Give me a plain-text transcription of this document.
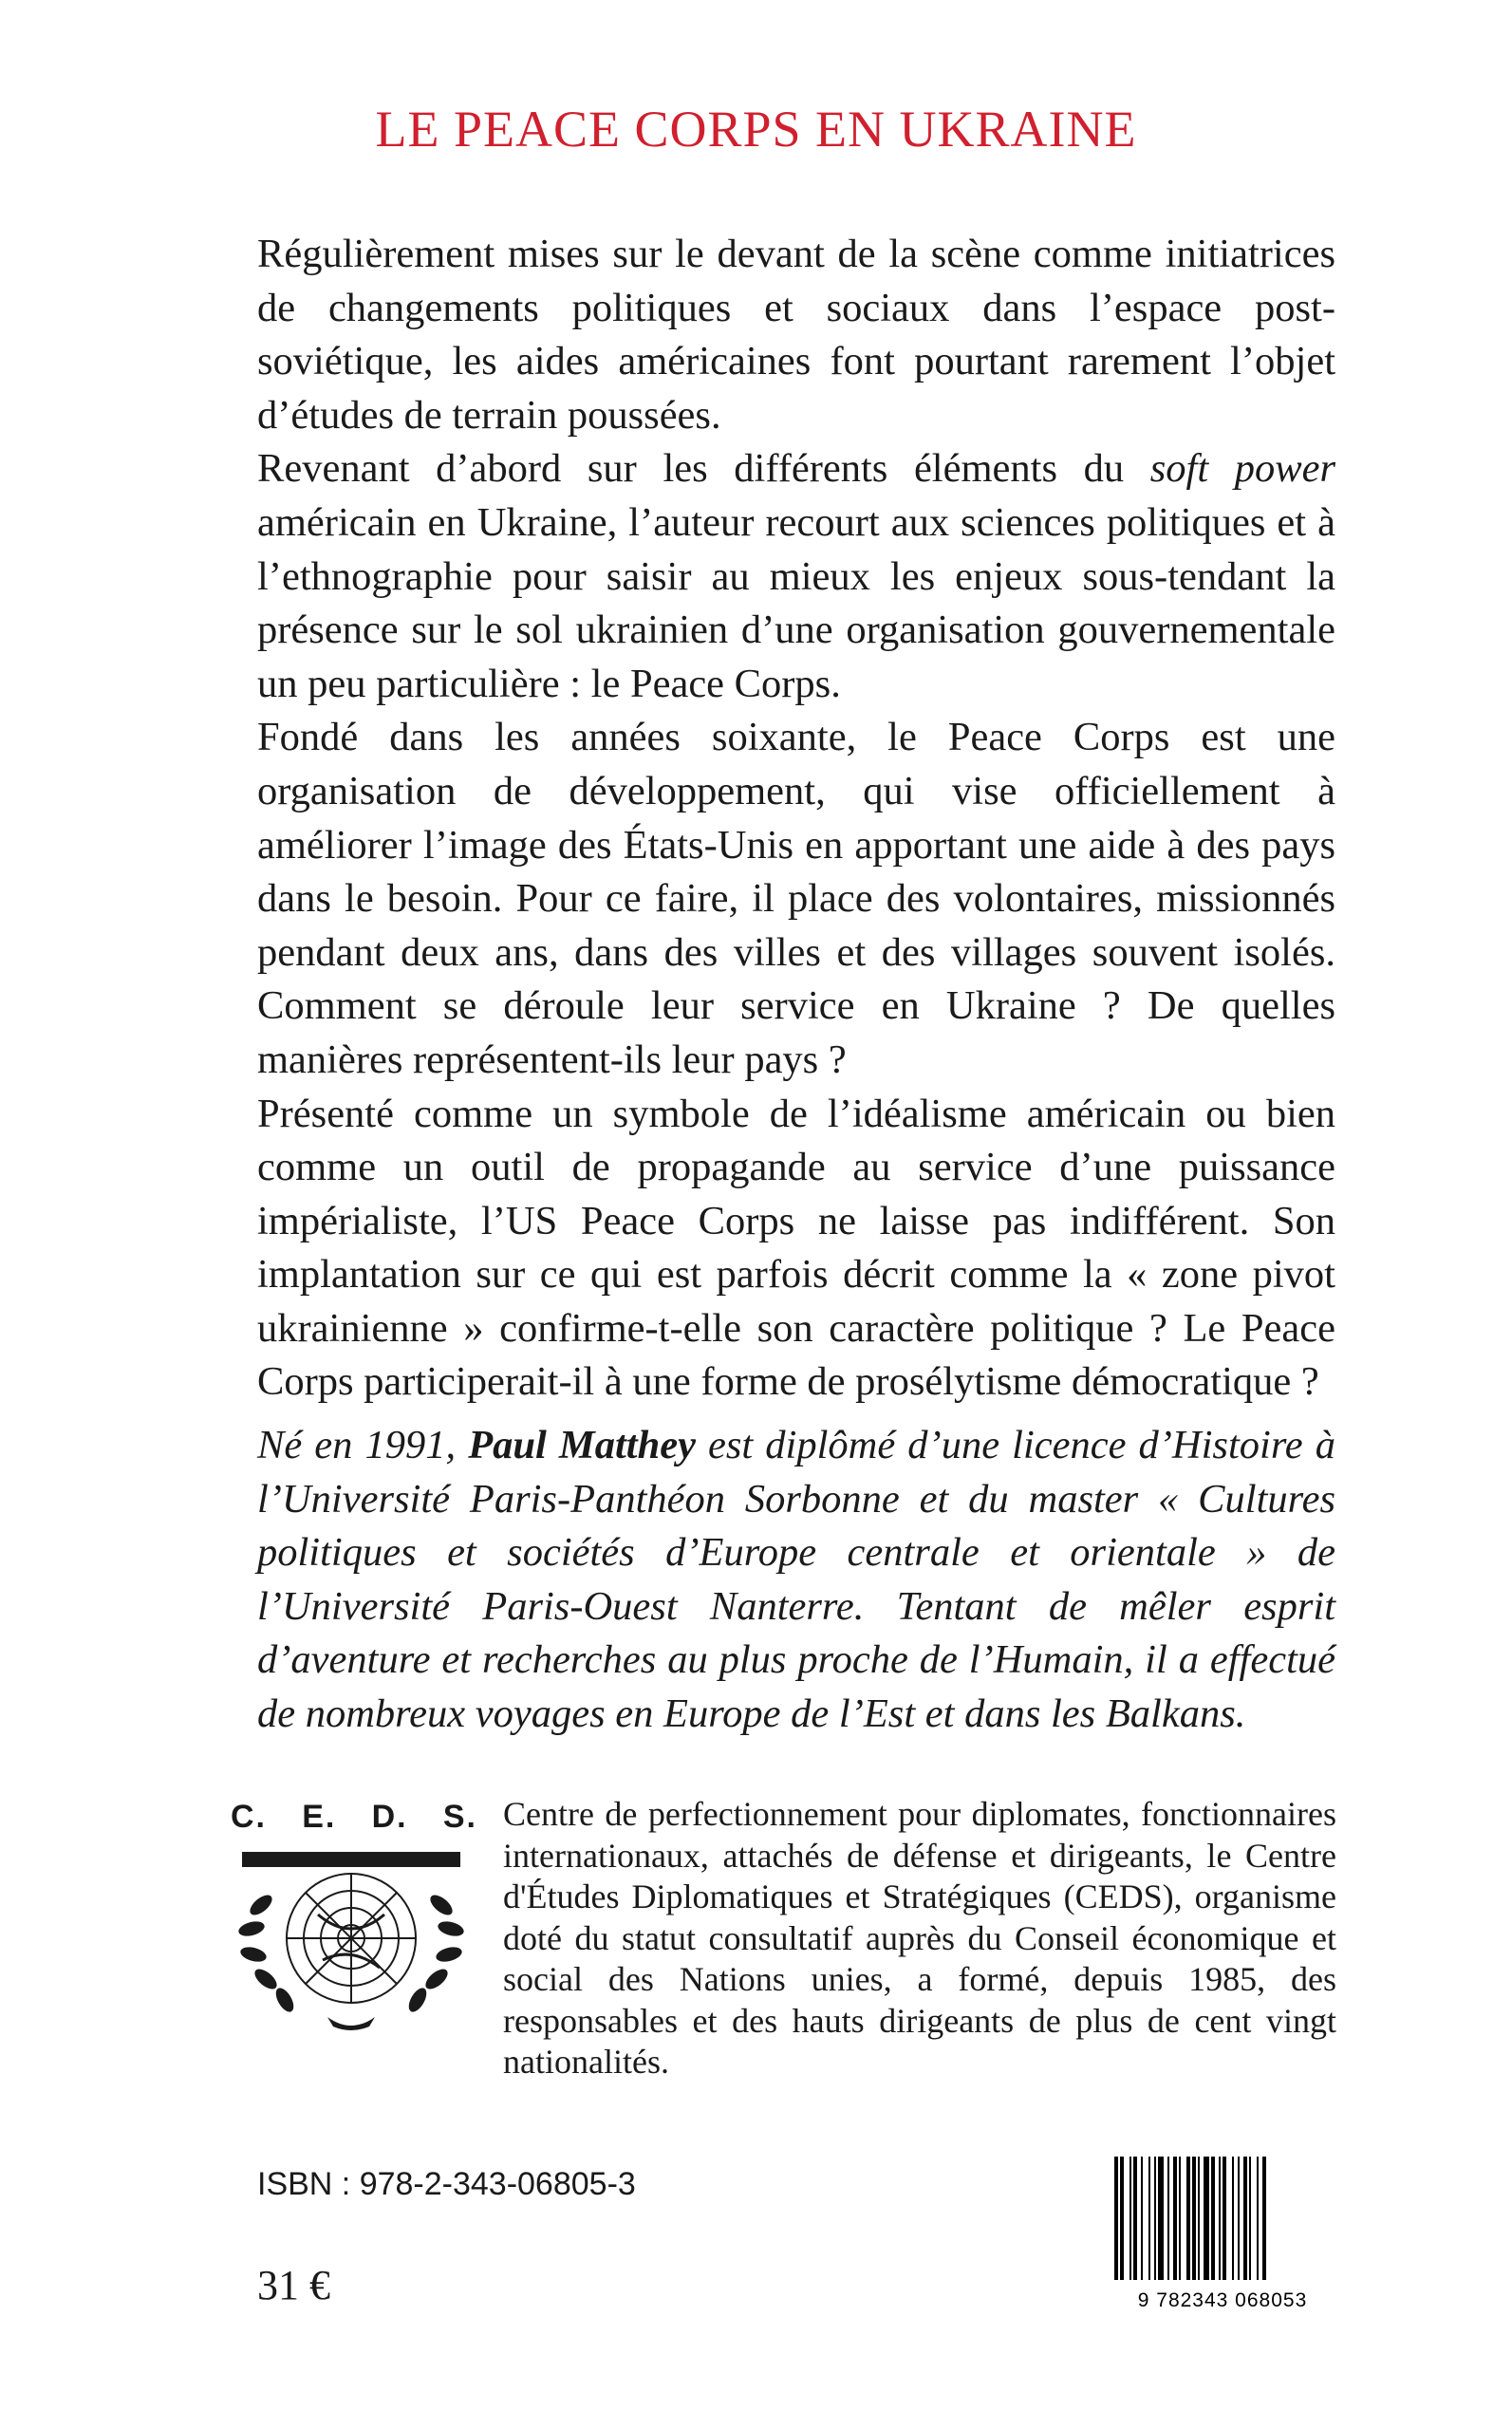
LE PEACE CORPS EN UKRAINE

Régulièrement mises sur le devant de la scène comme initiatrices de changements politiques et sociaux dans l’espace post-soviétique, les aides américaines font pourtant rarement l’objet d’études de terrain poussées.

Revenant d’abord sur les différents éléments du soft power américain en Ukraine, l’auteur recourt aux sciences politiques et à l’ethnographie pour saisir au mieux les enjeux sous-tendant la présence sur le sol ukrainien d’une organisation gouvernementale un peu particulière : le Peace Corps.

Fondé dans les années soixante, le Peace Corps est une organisation de développement, qui vise officiellement à améliorer l’image des États-Unis en apportant une aide à des pays dans le besoin. Pour ce faire, il place des volontaires, missionnés pendant deux ans, dans des villes et des villages souvent isolés. Comment se déroule leur service en Ukraine ? De quelles manières représentent-ils leur pays ?

Présenté comme un symbole de l’idéalisme américain ou bien comme un outil de propagande au service d’une puissance impérialiste, l’US Peace Corps ne laisse pas indifférent. Son implantation sur ce qui est parfois décrit comme la « zone pivot ukrainienne » confirme-t-elle son caractère politique ? Le Peace Corps participerait-il à une forme de prosélytisme démocratique ?

Né en 1991, Paul Matthey est diplômé d’une licence d’Histoire à l’Université Paris-Panthéon Sorbonne et du master « Cultures politiques et sociétés d’Europe centrale et orientale » de l’Université Paris-Ouest Nanterre. Tentant de mêler esprit d’aventure et recherches au plus proche de l’Humain, il a effectué de nombreux voyages en Europe de l’Est et dans les Balkans.
C. E. D. S. Centre de perfectionnement pour diplomates, fonctionnaires internationaux, attachés de défense et dirigeants, le Centre d'Études Diplomatiques et Stratégiques (CEDS), organisme doté du statut consultatif auprès du Conseil économique et social des Nations unies, a formé, depuis 1985, des responsables et des hauts dirigeants de plus de cent vingt nationalités.
ISBN : 978-2-343-06805-3
31 €	9 782343 068053
